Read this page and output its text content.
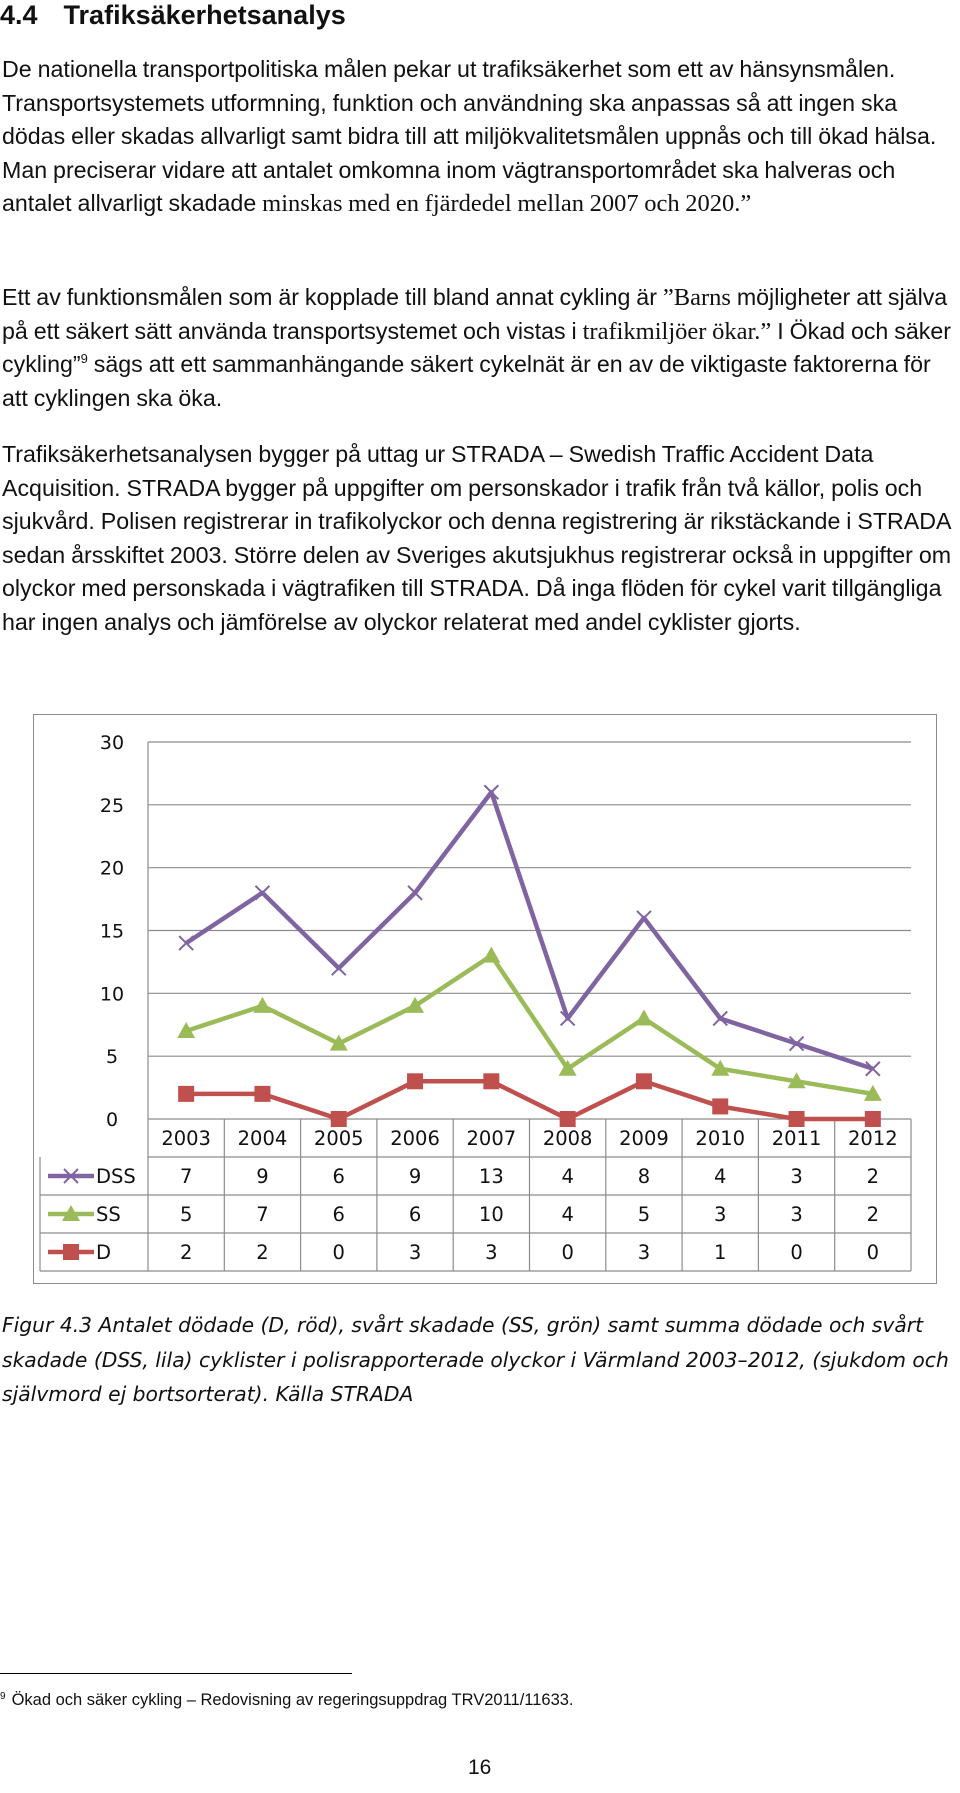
4.4 Trafiksäkerhetsanalys

De nationella transportpolitiska målen pekar ut trafiksäkerhet som ett av hänsynsmålen. Transportsystemets utformning, funktion och användning ska anpassas så att ingen ska dödas eller skadas allvarligt samt bidra till att miljökvalitetsmålen uppnås och till ökad hälsa. Man preciserar vidare att antalet omkomna inom vägtransportområdet ska halveras och antalet allvarligt skadade minskas med en fjärdedel mellan 2007 och 2020.”

Ett av funktionsmålen som är kopplade till bland annat cykling är ”Barns möjligheter att själva på ett säkert sätt använda transportsystemet och vistas i trafikmiljöer ökar.” I Ökad och säker cykling”$^9$ sägs att ett sammanhängande säkert cykelnät är en av de viktigaste faktorerna för att cyklingen ska öka.

Trafiksäkerhetsanalysen bygger på uttag ur STRADA – Swedish Traffic Accident Data Acquisition. STRADA bygger på uppgifter om personskador i trafik från två källor, polis och sjukvård. Polisen registrerar in trafikolyckor och denna registrering är rikstäckande i STRADA sedan årsskiftet 2003. Större delen av Sveriges akutsjukhus registrerar också in uppgifter om olyckor med personskada i vägtrafiken till STRADA. Då inga flöden för cykel varit tillgängliga har ingen analys och jämförelse av olyckor relaterat med andel cyklister gjorts.

0
5
10
15
20
25
30
2003 2004 2005 2006 2007 2008 2009 2010 2011 2012
DSS 7	9	6	9	13	4	8	4	3	2
SS	5	7	6	6	10	4	5	3	3	2
D	2	2	0	3	3	0	3	1	0	0

Figur 4.3 Antalet dödade (D, röd), svårt skadade (SS, grön) samt summa dödade och svårt skadade (DSS, lila) cyklister i polisrapporterade olyckor i Värmland 2003–2012, (sjukdom och självmord ej bortsorterat). Källa STRADA

$^9$ Ökad och säker cykling – Redovisning av regeringsuppdrag TRV2011/11633.

16
